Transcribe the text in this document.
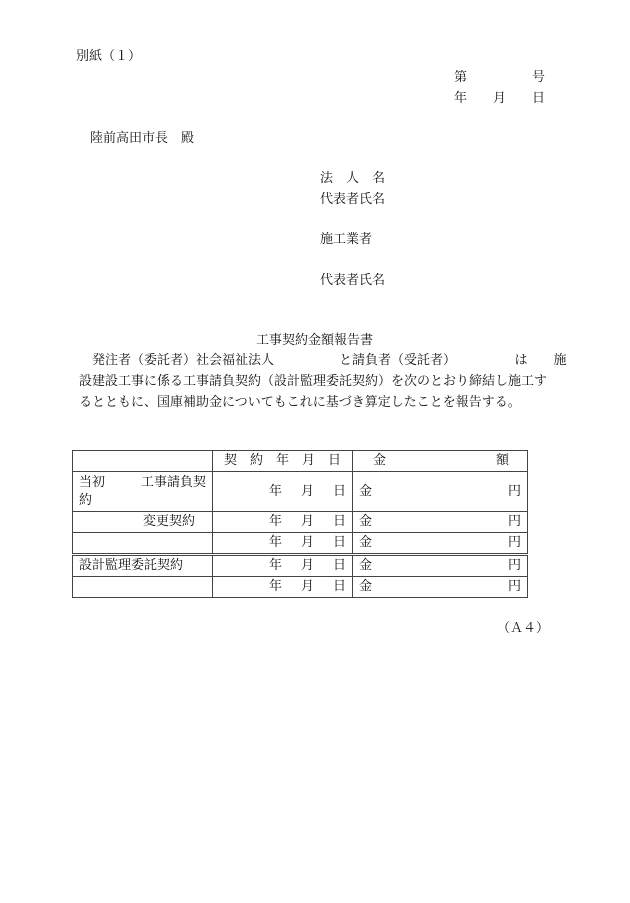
別紙（１）
第	号
年 月 日
陸前高田市長　殿
法　人　名
代表者氏名
施工業者
代表者氏名
工事契約金額報告書
発注者（委託者）社会福祉法人　　　　　と請負者（受託者）　　　　　は　　施
設建設工事に係る工事請負契約（設計監理委託契約）を次のとおり締結し施工す
るとともに、国庫補助金についてもこれに基づき算定したことを報告する。
	契　約　年　月　日	金 額

当初 工事請負契
約	年 月 日	金 円

変更契約	年 月 日	金 円

	年 月 日	金 円

設計監理委託契約	年 月 日	金 円

	年 月 日	金 円
（Ａ４）
